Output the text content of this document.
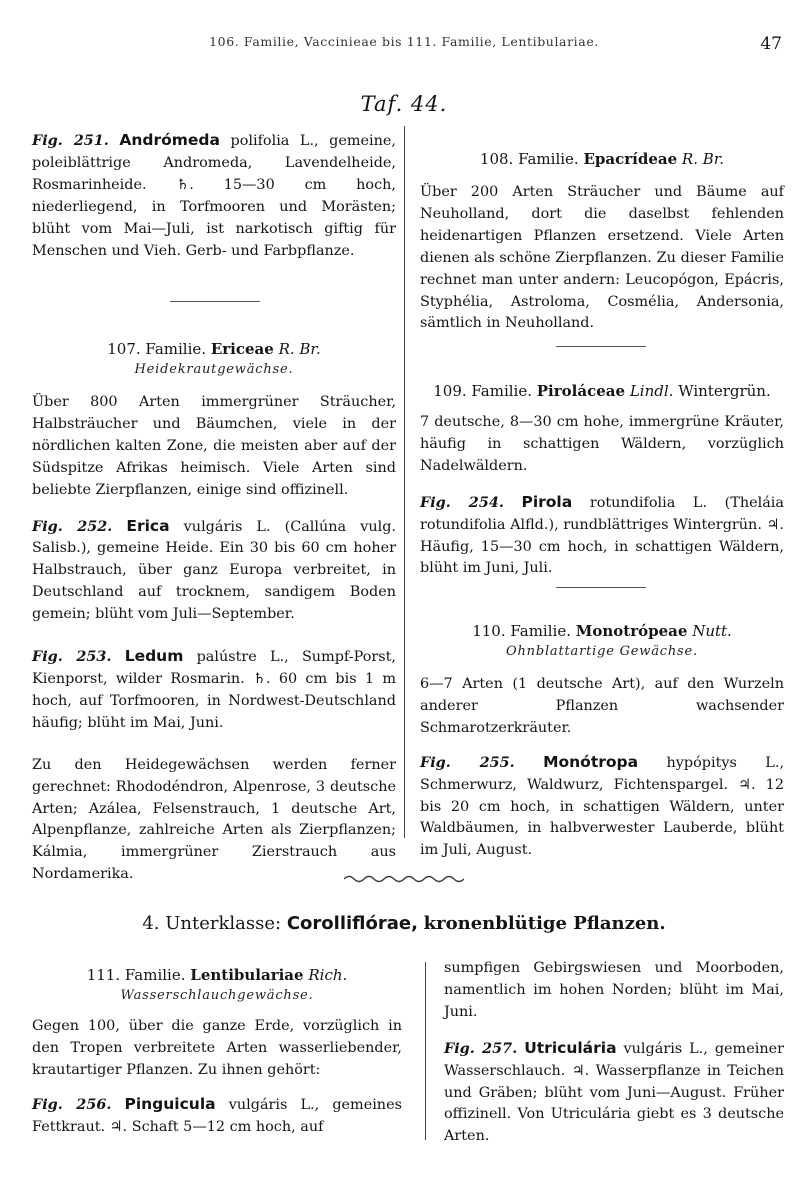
106. Familie, Vaccinieae bis 111. Familie, Lentibulariae.	47
Taf. 44.

Fig. 251. Andrómeda polifolia L., gemeine, poleiblättrige Andromeda, Lavendelheide, Rosmarinheide. ♄. 15—30 cm hoch, niederliegend, in Torfmooren und Morästen; blüht vom Mai—Juli, ist narkotisch giftig für Menschen und Vieh. Gerb- und Farbpflanze.

107. Familie. Ericeae R. Br.
Heidekrautgewächse.

Über 800 Arten immergrüner Sträucher, Halbsträucher und Bäumchen, viele in der nördlichen kalten Zone, die meisten aber auf der Südspitze Afrikas heimisch. Viele Arten sind beliebte Zierpflanzen, einige sind offizinell.

Fig. 252. Erica vulgáris L. (Callúna vulg. Salisb.), gemeine Heide. Ein 30 bis 60 cm hoher Halbstrauch, über ganz Europa verbreitet, in Deutschland auf trocknem, sandigem Boden gemein; blüht vom Juli—September.

Fig. 253. Ledum palústre L., Sumpf-Porst, Kienporst, wilder Rosmarin. ♄. 60 cm bis 1 m hoch, auf Torfmooren, in Nordwest-Deutschland häufig; blüht im Mai, Juni.

Zu den Heidegewächsen werden ferner gerechnet: Rhododéndron, Alpenrose, 3 deutsche Arten; Azálea, Felsenstrauch, 1 deutsche Art, Alpenpflanze, zahlreiche Arten als Zierpflanzen; Kálmia, immergrüner Zierstrauch aus Nordamerika.

108. Familie. Epacrídeae R. Br.

Über 200 Arten Sträucher und Bäume auf Neuholland, dort die daselbst fehlenden heidenartigen Pflanzen ersetzend. Viele Arten dienen als schöne Zierpflanzen. Zu dieser Familie rechnet man unter andern: Leucopógon, Epácris, Styphélia, Astroloma, Cosmélia, Andersonia, sämtlich in Neuholland.

109. Familie. Piroláceae Lindl. Wintergrün.

7 deutsche, 8—30 cm hohe, immergrüne Kräuter, häufig in schattigen Wäldern, vorzüglich Nadelwäldern.

Fig. 254. Pirola rotundifolia L. (Theláia rotundifolia Alfld.), rundblättriges Wintergrün. ♃. Häufig, 15—30 cm hoch, in schattigen Wäldern, blüht im Juni, Juli.

110. Familie. Monotrópeae Nutt.
Ohnblattartige Gewächse.

6—7 Arten (1 deutsche Art), auf den Wurzeln anderer Pflanzen wachsender Schmarotzerkräuter.

Fig. 255. Monótropa hypópitys L., Schmerwurz, Waldwurz, Fichtenspargel. ♃. 12 bis 20 cm hoch, in schattigen Wäldern, unter Waldbäumen, in halbverwester Lauberde, blüht im Juli, August.

4. Unterklasse: Corolliflórae, kronenblütige Pflanzen.
111. Familie. Lentibulariae Rich.
Wasserschlauchgewächse.

Gegen 100, über die ganze Erde, vorzüglich in den Tropen verbreitete Arten wasserliebender, krautartiger Pflanzen. Zu ihnen gehört:

Fig. 256. Pinguicula vulgáris L., gemeines Fettkraut. ♃. Schaft 5—12 cm hoch, auf

sumpfigen Gebirgswiesen und Moorboden, namentlich im hohen Norden; blüht im Mai, Juni.

Fig. 257. Utriculária vulgáris L., gemeiner Wasserschlauch. ♃. Wasserpflanze in Teichen und Gräben; blüht vom Juni—August. Früher offizinell. Von Utriculária giebt es 3 deutsche Arten.
